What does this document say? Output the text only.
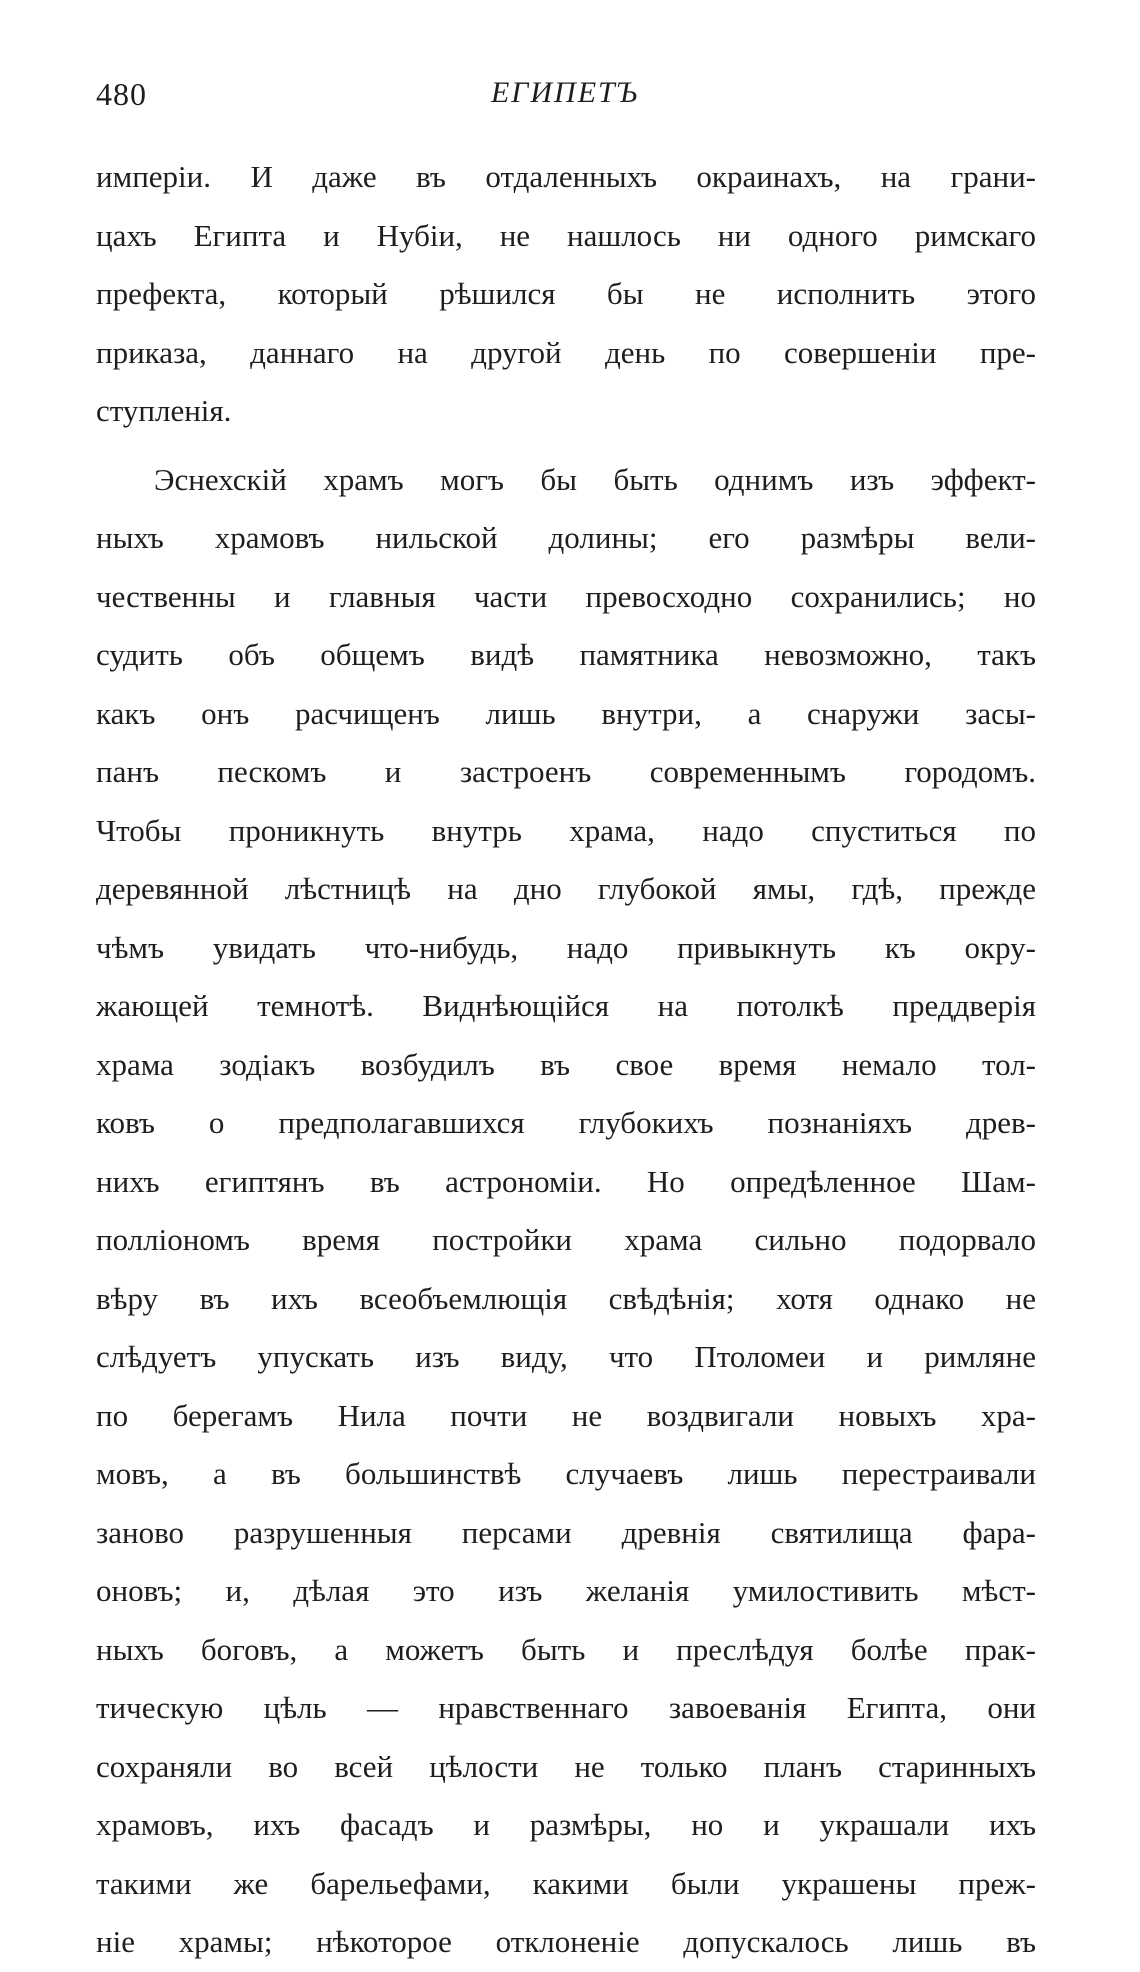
480	ЕГИПЕТЪ
имперіи. И даже въ отдаленныхъ окраинахъ, на грани-
цахъ Египта и Нубіи, не нашлось ни одного римскаго
префекта, который рѣшился бы не исполнить этого
приказа, даннаго на другой день по совершеніи пре-
ступленія.
Эснехскій храмъ могъ бы быть однимъ изъ эффект-
ныхъ храмовъ нильской долины; его размѣры вели-
чественны и главныя части превосходно сохранились; но
судить объ общемъ видѣ памятника невозможно, такъ
какъ онъ расчищенъ лишь внутри, а снаружи засы-
панъ пескомъ и застроенъ современнымъ городомъ.
Чтобы проникнуть внутрь храма, надо спуститься по
деревянной лѣстницѣ на дно глубокой ямы, гдѣ, прежде
чѣмъ увидать что-нибудь, надо привыкнуть къ окру-
жающей темнотѣ. Виднѣющійся на потолкѣ преддверія
храма зодіакъ возбудилъ въ свое время немало тол-
ковъ о предполагавшихся глубокихъ познаніяхъ древ-
нихъ египтянъ въ астрономіи. Но опредѣленное Шам-
полліономъ время постройки храма сильно подорвало
вѣру въ ихъ всеобъемлющія свѣдѣнія; хотя однако не
слѣдуетъ упускать изъ виду, что Птоломеи и римляне
по берегамъ Нила почти не воздвигали новыхъ хра-
мовъ, а въ большинствѣ случаевъ лишь перестраивали
заново разрушенныя персами древнія святилища фара-
оновъ; и, дѣлая это изъ желанія умилостивить мѣст-
ныхъ боговъ, а можетъ быть и преслѣдуя болѣе прак-
тическую цѣль — нравственнаго завоеванія Египта, они
сохраняли во всей цѣлости не только планъ старинныхъ
храмовъ, ихъ фасадъ и размѣры, но и украшали ихъ
такими же барельефами, какими были украшены преж-
ніе храмы; нѣкоторое отклоненіе допускалось лишь въ
